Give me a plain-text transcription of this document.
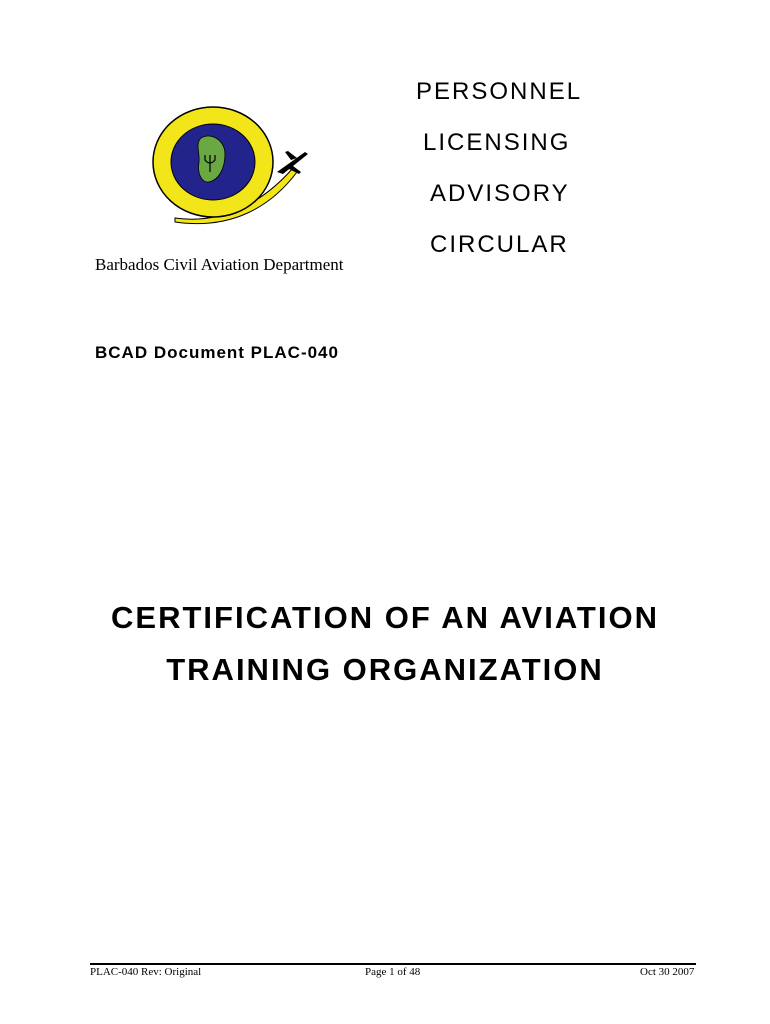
PERSONNEL
LICENSING
ADVISORY
CIRCULAR
Barbados Civil Aviation Department
BCAD Document PLAC-040
CERTIFICATION OF AN AVIATION
TRAINING ORGANIZATION
PLAC-040 Rev: Original	Page 1 of 48	Oct 30 2007
